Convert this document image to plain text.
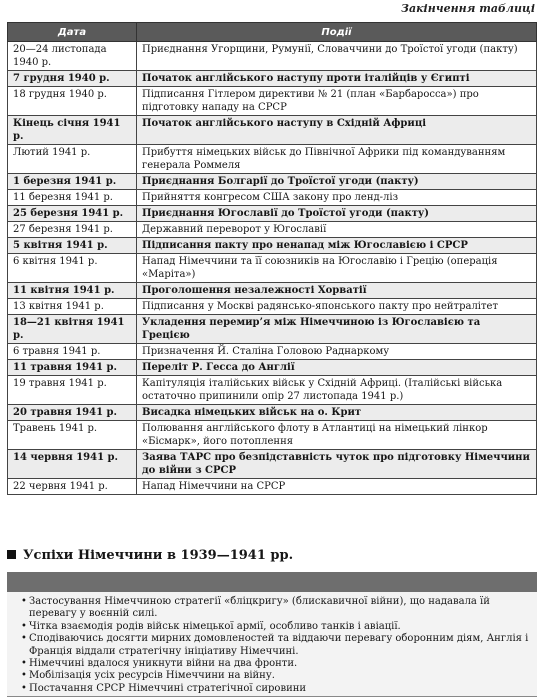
Закінчення таблиці
Дата	Події
20—24 листопада 1940 р.	Приєднання Угорщини, Румунії, Словаччини до Троїстої угоди (пакту)
7 грудня 1940 р.	Початок англійського наступу проти італійців у Єгипті
18 грудня 1940 р.	Підписання Гітлером директиви № 21 (план «Барбаросса») про підготовку нападу на СРСР
Кінець січня 1941 р.	Початок англійського наступу в Східній Африці
Лютий 1941 р.	Прибуття німецьких військ до Північної Африки під командуванням генерала Роммеля
1 березня 1941 р.	Приєднання Болгарії до Троїстої угоди (пакту)
11 березня 1941 р.	Прийняття конгресом США закону про ленд-ліз
25 березня 1941 р.	Приєднання Югославії до Троїстої угоди (пакту)
27 березня 1941 р.	Державний переворот у Югославії
5 квітня 1941 р.	Підписання пакту про ненапад між Югославією і СРСР
6 квітня 1941 р.	Напад Німеччини та її союзників на Югославію і Грецію (операція «Маріта»)
11 квітня 1941 р.	Проголошення незалежності Хорватії
13 квітня 1941 р.	Підписання у Москві радянсько-японського пакту про нейтралітет
18—21 квітня 1941 р.	Укладення перемир’я між Німеччиною із Югославією та Грецією
6 травня 1941 р.	Призначення Й. Сталіна Головою Раднаркому
11 травня 1941 р.	Переліт Р. Гесса до Англії
19 травня 1941 р.	Капітуляція італійських військ у Східній Африці. (Італійські війська остаточно припинили опір 27 листопада 1941 р.)
20 травня 1941 р.	Висадка німецьких військ на о. Крит
Травень 1941 р.	Полювання англійського флоту в Атлантиці на німецький лінкор «Бісмарк», його потоплення
14 червня 1941 р.	Заява ТАРС про безпідставність чуток про підготовку Німеччини до війни з СРСР
22 червня 1941 р.	Напад Німеччини на СРСР
Успіхи Німеччини в 1939—1941 рр.
• Застосування Німеччиною стратегії «бліцкригу» (блискавичної війни), що надавала їй перевагу у воєнній силі.
• Чітка взаємодія родів військ німецької армії, особливо танків і авіації.
• Сподіваючись досягти мирних домовленостей та віддаючи перевагу оборонним діям, Англія і Франція віддали стратегічну ініціативу Німеччині.
• Німеччині вдалося уникнути війни на два фронти.
• Мобілізація усіх ресурсів Німеччини на війну.
• Постачання СРСР Німеччині стратегічної сировини
